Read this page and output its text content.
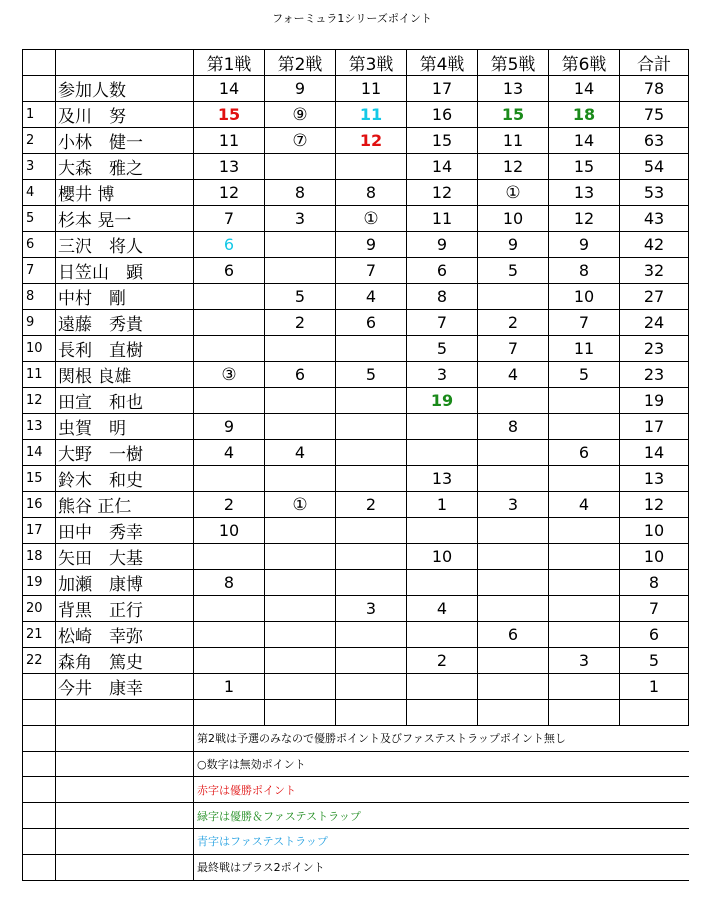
フォーミュラ1シリーズポイント
		第1戦	第2戦	第3戦	第4戦	第5戦	第6戦	合計
	参加人数	14	9	11	17	13	14	78
1	及川　努	15	⑨	11	16	15	18	75
2	小林　健一	11	⑦	12	15	11	14	63
3	大森　雅之	13			14	12	15	54
4	櫻井 博	12	8	8	12	①	13	53
5	杉本 晃一	7	3	①	11	10	12	43
6	三沢　将人	6		9	9	9	9	42
7	日笠山　顕	6		7	6	5	8	32
8	中村　剛		5	4	8		10	27
9	遠藤　秀貴		2	6	7	2	7	24
10	長利　直樹				5	7	11	23
11	関根 良雄	③	6	5	3	4	5	23
12	田宣　和也				19			19
13	虫賀　明	9				8		17
14	大野　一樹	4	4				6	14
15	鈴木　和史				13			13
16	熊谷 正仁	2	①	2	1	3	4	12
17	田中　秀幸	10						10
18	矢田　大基				10			10
19	加瀬　康博	8						8
20	背黒　正行			3	4			7
21	松崎　幸弥					6		6
22	森角　篤史				2		3	5
	今井　康幸	1						1

		第2戦は予選のみなので優勝ポイント及びファステストラップポイント無し						
		○数字は無効ポイント						
		赤字は優勝ポイント						
		緑字は優勝＆ファステストラップ						
		青字はファステストラップ						
		最終戦はプラス2ポイント						
